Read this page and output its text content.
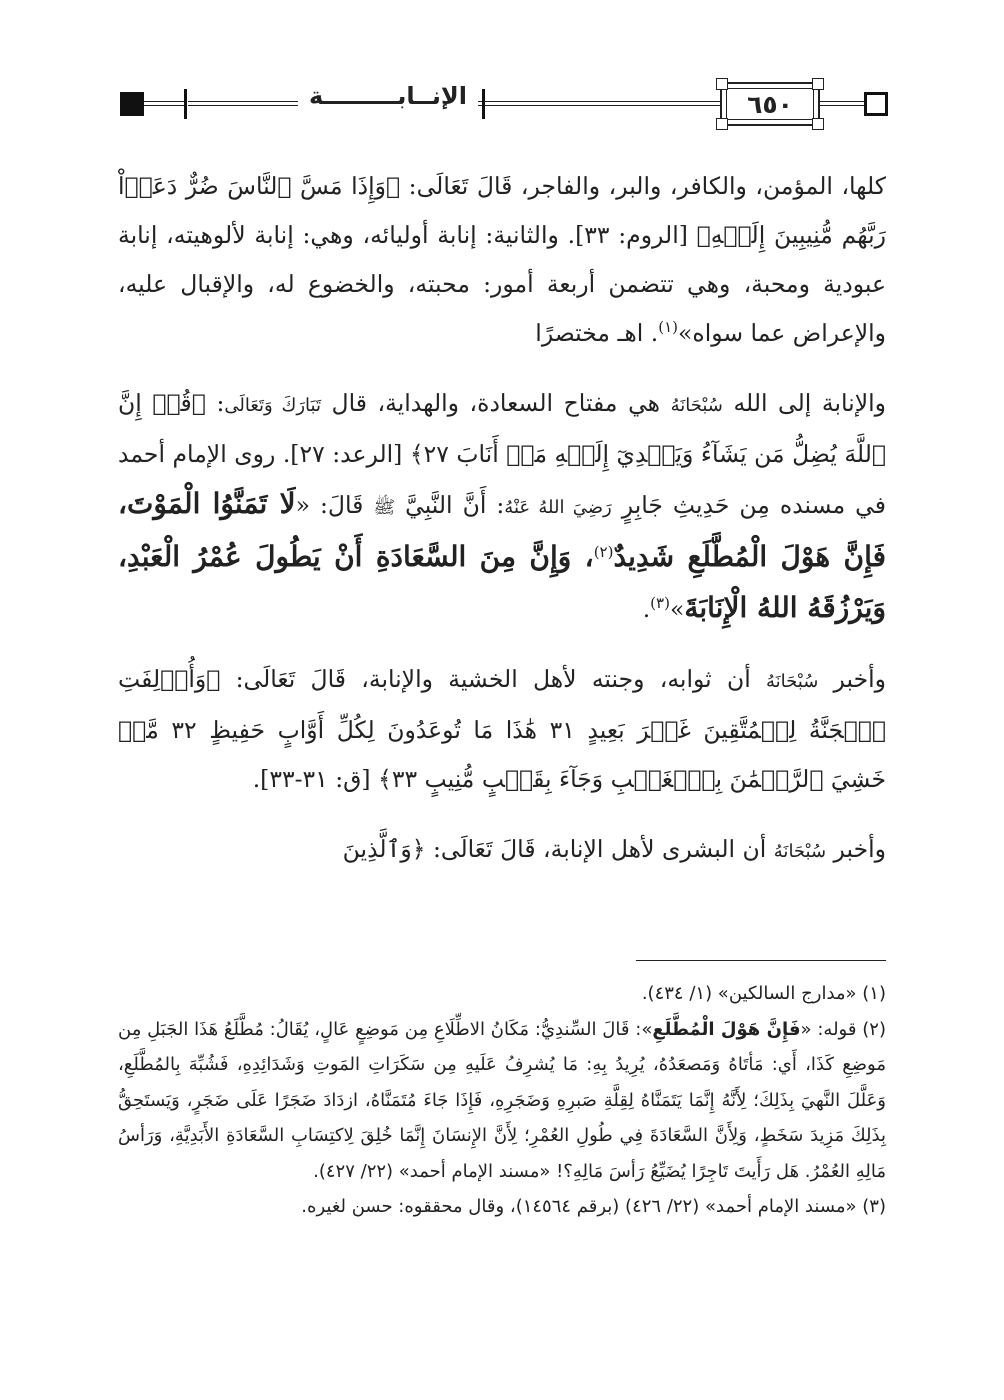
الإنــابـــــــــة	٦٥٠

كلها، المؤمن، والكافر، والبر، والفاجر، قَالَ تَعَالَى: ﴿وَإِذَا مَسَّ ٱلنَّاسَ ضُرٌّ دَعَوۡاْ رَبَّهُم مُّنِيبِينَ إِلَيۡهِ﴾ [الروم: ٣٣]. والثانية: إنابة أوليائه، وهي: إنابة لألوهيته، إنابة عبودية ومحبة، وهي تتضمن أربعة أمور: محبته، والخضوع له، والإقبال عليه، والإعراض عما سواه»$^{(١)}$. اهـ مختصرًا

والإنابة إلى الله سُبْحَانَهُ هي مفتاح السعادة، والهداية، قال تَبَارَكَ وَتَعَالَى: ﴿قُلۡ إِنَّ ٱللَّهَ يُضِلُّ مَن يَشَآءُ وَيَهۡدِيٓ إِلَيۡهِ مَنۡ أَنَابَ ٢٧﴾ [الرعد: ٢٧]. روى الإمام أحمد في مسنده مِن حَدِيثِ جَابِرٍ رَضِيَ اللهُ عَنْهُ: أَنَّ النَّبِيَّ ﷺ قَالَ: «لَا تَمَنَّوُا الْمَوْتَ، فَإِنَّ هَوْلَ الْمُطَّلَعِ شَدِيدٌ$^{(٢)}$، وَإِنَّ مِنَ السَّعَادَةِ أَنْ يَطُولَ عُمْرُ الْعَبْدِ، وَيَرْزُقَهُ اللهُ الْإِنَابَةَ»$^{(٣)}$.

وأخبر سُبْحَانَهُ أن ثوابه، وجنته لأهل الخشية والإنابة، قَالَ تَعَالَى: ﴿وَأُزۡلِفَتِ ٱلۡجَنَّةُ لِلۡمُتَّقِينَ غَيۡرَ بَعِيدٍ ٣١ هَٰذَا مَا تُوعَدُونَ لِكُلِّ أَوَّابٍ حَفِيظٍ ٣٢ مَّنۡ خَشِيَ ٱلرَّحۡمَٰنَ بِٱلۡغَيۡبِ وَجَآءَ بِقَلۡبٍ مُّنِيبٍ ٣٣﴾ [ق: ٣١-٣٣].

وأخبر سُبْحَانَهُ أن البشرى لأهل الإنابة، قَالَ تَعَالَى: ﴿وَٱلَّذِينَ

(١) «مدارج السالكين» (١/ ٤٣٤).

(٢) قوله: «فَإِنَّ هَوْلَ الْمُطَّلَعِ»: قَالَ السِّندِيُّ: مَكَانُ الاطِّلَاعِ مِن مَوضِعٍ عَالٍ، يُقَالُ: مُطَّلَعُ هَذَا الجَبَلِ مِن مَوضِعِ كَذَا، أَي: مَأتَاهُ وَمَصعَدُهُ، يُرِيدُ بِهِ: مَا يُشرِفُ عَلَيهِ مِن سَكَرَاتِ المَوتِ وَشَدَائِدِهِ، فَشُبِّهَ بِالمُطَّلَعِ، وَعَلَّلَ النَّهيَ بِذَلِكَ؛ لِأَنَّهُ إِنَّمَا يَتَمَنَّاهُ لِقِلَّةِ صَبرِهِ وَضَجَرِهِ، فَإِذَا جَاءَ مُتَمَنَّاهُ، ازدَادَ ضَجَرًا عَلَى ضَجَرٍ، وَيَستَحِقُّ بِذَلِكَ مَزِيدَ سَخَطٍ، وَلِأَنَّ السَّعَادَةَ فِي طُولِ العُمْرِ؛ لِأَنَّ الإِنسَانَ إِنَّمَا خُلِقَ لِاكتِسَابِ السَّعَادَةِ الأَبَدِيَّةِ، وَرَأسُ مَالِهِ العُمْرُ. هَل رَأَيتَ تَاجِرًا يُضَيِّعُ رَأسَ مَالِهِ؟! «مسند الإمام أحمد» (٢٢/ ٤٢٧).

(٣) «مسند الإمام أحمد» (٢٢/ ٤٢٦) (برقم ١٤٥٦٤)، وقال محققوه: حسن لغيره.
